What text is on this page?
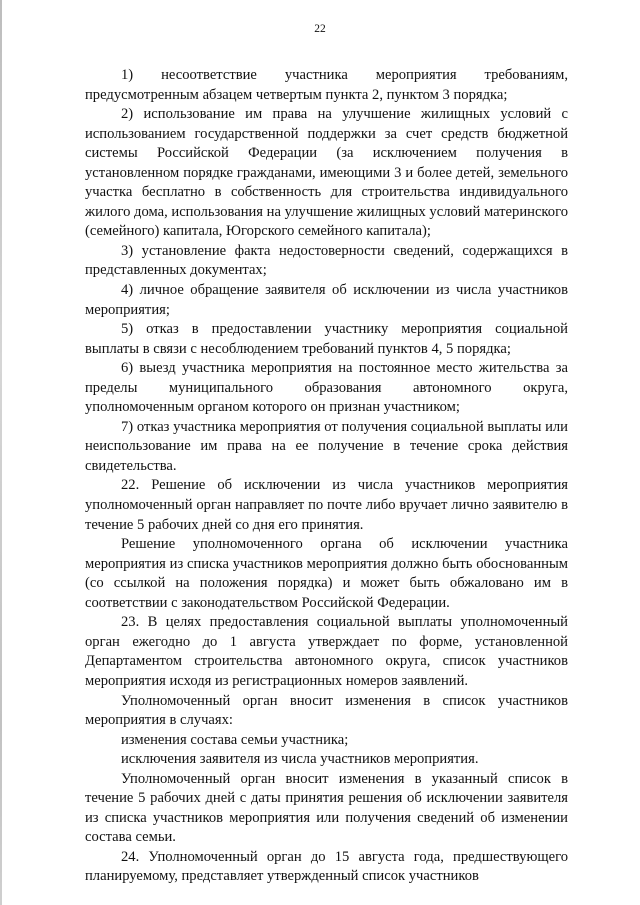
22

1) несоответствие участника мероприятия требованиям, предусмотренным абзацем четвертым пункта 2, пунктом 3 порядка;

2) использование им права на улучшение жилищных условий с использованием государственной поддержки за счет средств бюджетной системы Российской Федерации (за исключением получения в установленном порядке гражданами, имеющими 3 и более детей, земельного участка бесплатно в собственность для строительства индивидуального жилого дома, использования на улучшение жилищных условий материнского (семейного) капитала, Югорского семейного капитала);

3) установление факта недостоверности сведений, содержащихся в представленных документах;

4) личное обращение заявителя об исключении из числа участников мероприятия;

5) отказ в предоставлении участнику мероприятия социальной выплаты в связи с несоблюдением требований пунктов 4, 5 порядка;

6) выезд участника мероприятия на постоянное место жительства за пределы муниципального образования автономного округа, уполномоченным органом которого он признан участником;

7) отказ участника мероприятия от получения социальной выплаты или неиспользование им права на ее получение в течение срока действия свидетельства.

22. Решение об исключении из числа участников мероприятия уполномоченный орган направляет по почте либо вручает лично заявителю в течение 5 рабочих дней со дня его принятия.

Решение уполномоченного органа об исключении участника мероприятия из списка участников мероприятия должно быть обоснованным (со ссылкой на положения порядка) и может быть обжаловано им в соответствии с законодательством Российской Федерации.

23. В целях предоставления социальной выплаты уполномоченный орган ежегодно до 1 августа утверждает по форме, установленной Департаментом строительства автономного округа, список участников мероприятия исходя из регистрационных номеров заявлений.

Уполномоченный орган вносит изменения в список участников мероприятия в случаях:

изменения состава семьи участника;

исключения заявителя из числа участников мероприятия.

Уполномоченный орган вносит изменения в указанный список в течение 5 рабочих дней с даты принятия решения об исключении заявителя из списка участников мероприятия или получения сведений об изменении состава семьи.

24. Уполномоченный орган до 15 августа года, предшествующего планируемому, представляет утвержденный список участников
